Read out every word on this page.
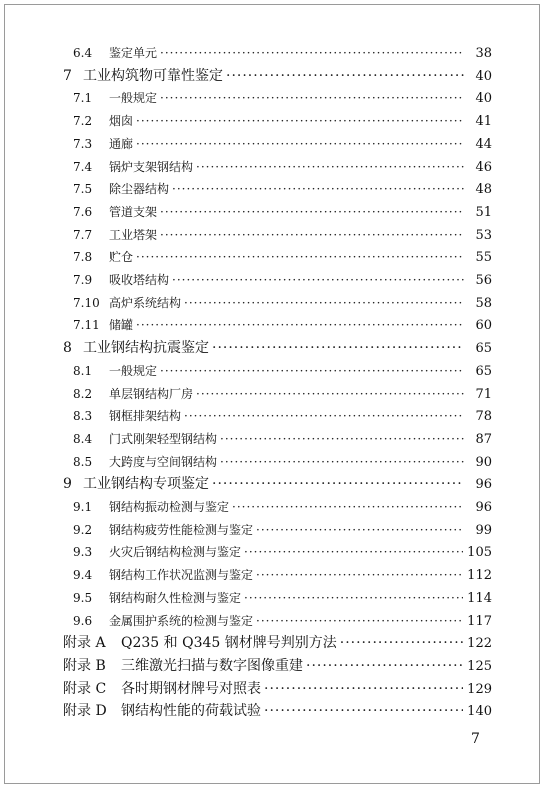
6.4	鉴定单元 ·····	38
7 工业构筑物可靠性鉴定 ·····	40
7.1	一般规定 ·····	40
7.2	烟囱 ·····	41
7.3	通廊 ·····	44
7.4	锅炉支架钢结构 ·····	46
7.5	除尘器结构 ·····	48
7.6	管道支架 ·····	51
7.7	工业塔架 ·····	53
7.8	贮仓 ·····	55
7.9	吸收塔结构 ·····	56
7.10 高炉系统结构 ·····	58
7.11 储罐 ·····	60
8 工业钢结构抗震鉴定 ·····	65
8.1	一般规定 ·····	65
8.2	单层钢结构厂房 ·····	71
8.3	钢框排架结构 ·····	78
8.4	门式刚架轻型钢结构 ·····	87
8.5	大跨度与空间钢结构 ·····	90
9 工业钢结构专项鉴定 ·····	96
9.1	钢结构振动检测与鉴定 ·····	96
9.2	钢结构疲劳性能检测与鉴定 ·····	99
9.3	火灾后钢结构检测与鉴定 ·····	105
9.4	钢结构工作状况监测与鉴定 ·····	112
9.5	钢结构耐久性检测与鉴定 ·····	114
9.6	金属围护系统的检测与鉴定 ·····	117
附录 A	Q235 和 Q345 钢材牌号判别方法 ·····	122
附录 B	三维激光扫描与数字图像重建 ·····	125
附录 C	各时期钢材牌号对照表 ·····	129
附录 D	钢结构性能的荷载试验 ·····	140
7
